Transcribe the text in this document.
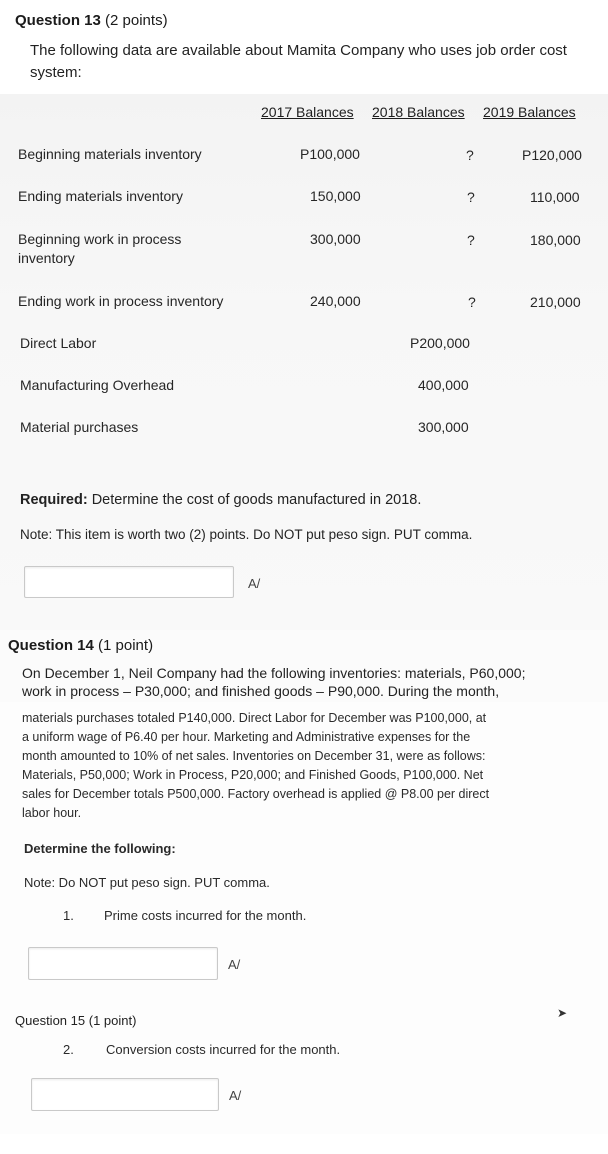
Question 13 (2 points)
The following data are available about Mamita Company who uses job order cost
system:
2017 Balances 2018 Balances 2019 Balances
Beginning materials inventory	P100,000	?	P120,000
Ending materials inventory	150,000	?	110,000
Beginning work in process
inventory
300,000	?	180,000
Ending work in process inventory	240,000	?	210,000
Direct Labor	P200,000
Manufacturing Overhead	400,000
Material purchases	300,000
Required: Determine the cost of goods manufactured in 2018.
Note: This item is worth two (2) points. Do NOT put peso sign. PUT comma.
A/
Question 14 (1 point)
On December 1, Neil Company had the following inventories: materials, P60,000;
work in process – P30,000; and finished goods – P90,000. During the month,
materials purchases totaled P140,000. Direct Labor for December was P100,000, at
a uniform wage of P6.40 per hour. Marketing and Administrative expenses for the
month amounted to 10% of net sales. Inventories on December 31, were as follows:
Materials, P50,000; Work in Process, P20,000; and Finished Goods, P100,000. Net
sales for December totals P500,000. Factory overhead is applied @ P8.00 per direct
labor hour.
Determine the following:
Note: Do NOT put peso sign. PUT comma.
1. Prime costs incurred for the month.
A/
Question 15 (1 point)	➤
2. Conversion costs incurred for the month.
A/
